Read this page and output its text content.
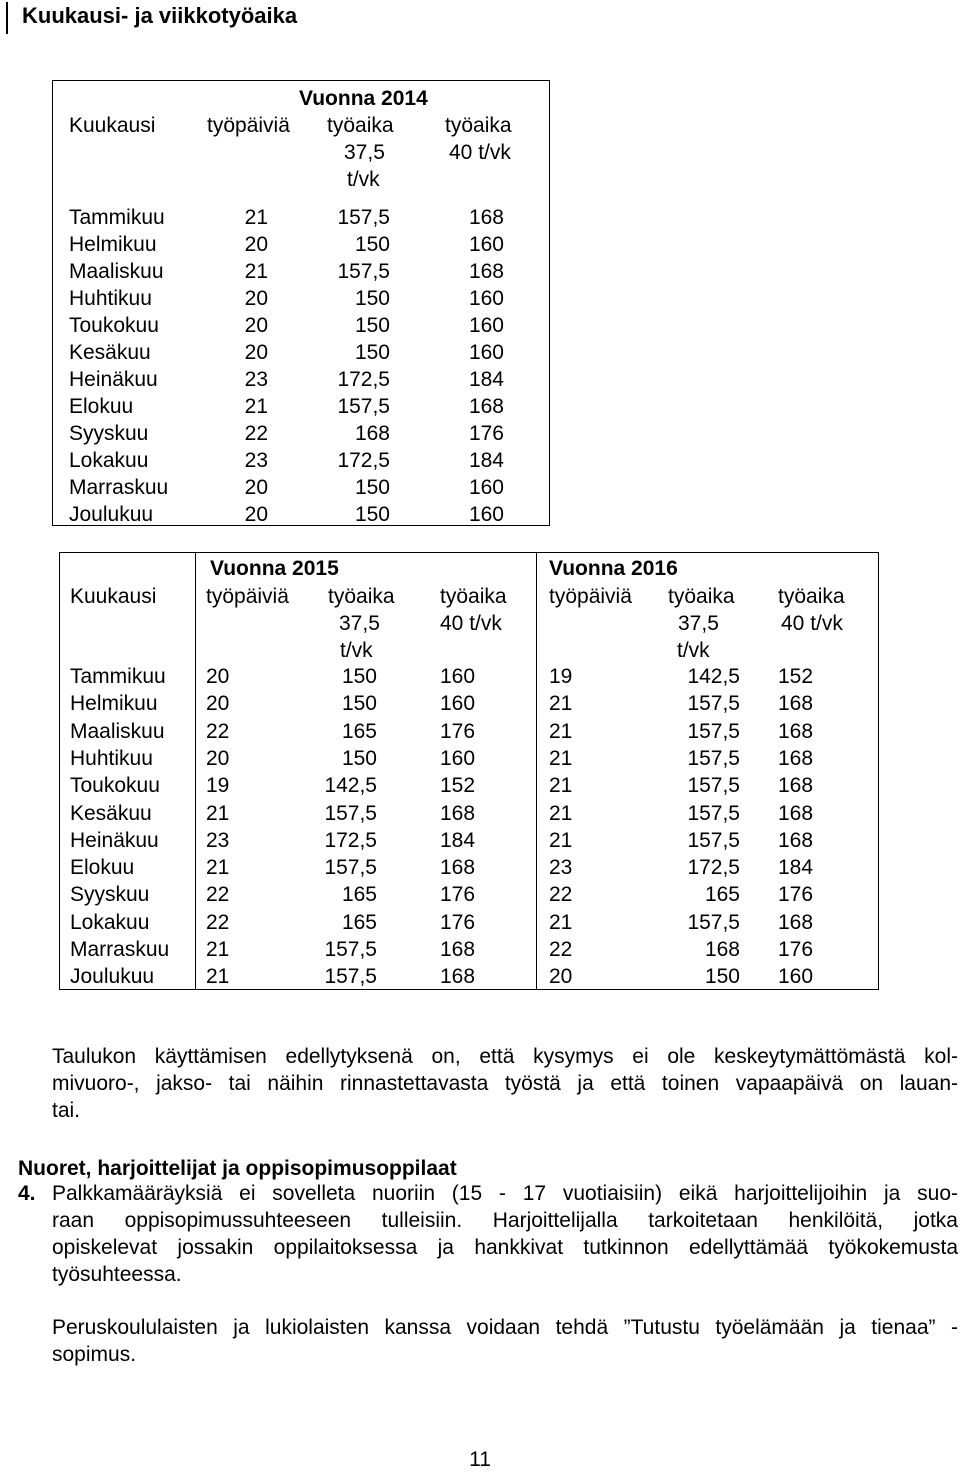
Kuukausi- ja viikkotyöaika
Vuonna 2014
Kuukausi työpäiviä työaika
37,5
t/vk
työaika
40 t/vk
Tammikuu	21	157,5	168
Helmikuu	20	150	160
Maaliskuu	21	157,5	168
Huhtikuu	20	150	160
Toukokuu	20	150	160
Kesäkuu	20	150	160
Heinäkuu	23	172,5	184
Elokuu	21	157,5	168
Syyskuu	22	168	176
Lokakuu	23	172,5	184
Marraskuu	20	150	160
Joulukuu	20	150	160
Vuonna 2015	Vuonna 2016
Kuukausi työpäiviä työaika
37,5
t/vk
työaika
40 t/vk
työpäiviä työaika
37,5
t/vk
työaika
40 t/vk
Tammikuu 20	150	160	19	142,5 152
Helmikuu 20	150	160	21	157,5 168
Maaliskuu 22	165	176	21	157,5 168
Huhtikuu	20	150	160	21	157,5 168
Toukokuu 19	142,5	152	21	157,5 168
Kesäkuu	21	157,5	168	21	157,5 168
Heinäkuu 23	172,5	184	21	157,5 168
Elokuu	21	157,5	168	23	172,5 184
Syyskuu	22	165	176	22	165 176
Lokakuu	22	165	176	21	157,5 168
Marraskuu 21	157,5	168	22	168 176
Joulukuu 21	157,5	168	20	150 160
Taulukon käyttämisen edellytyksenä on, että kysymys ei ole keskeytymättömästä kol-
mivuoro-, jakso- tai näihin rinnastettavasta työstä ja että toinen vapaapäivä on lauan-
tai.
Nuoret, harjoittelijat ja oppisopimusoppilaat
4. Palkkamääräyksiä ei sovelleta nuoriin (15 - 17 vuotiaisiin) eikä harjoittelijoihin ja suo-
raan oppisopimussuhteeseen tulleisiin. Harjoittelijalla tarkoitetaan henkilöitä, jotka
opiskelevat jossakin oppilaitoksessa ja hankkivat tutkinnon edellyttämää työkokemusta
työsuhteessa.
Peruskoululaisten ja lukiolaisten kanssa voidaan tehdä ”Tutustu työelämään ja tienaa” -
sopimus.
11
